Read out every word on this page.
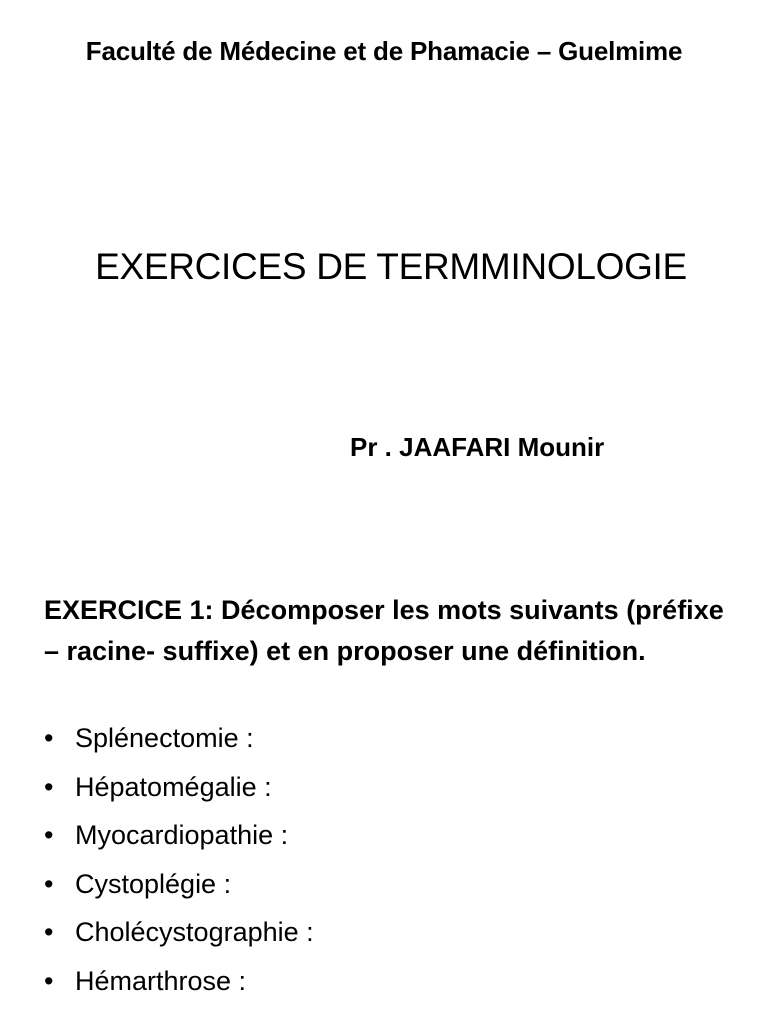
Faculté de Médecine et de Phamacie – Guelmime
EXERCICES DE TERMMINOLOGIE
Pr . JAAFARI Mounir
EXERCICE 1: Décomposer les mots suivants (préfixe – racine- suffixe) et en proposer une définition.
• Splénectomie :
• Hépatomégalie :
• Myocardiopathie :
• Cystoplégie :
• Cholécystographie :
• Hémarthrose :
